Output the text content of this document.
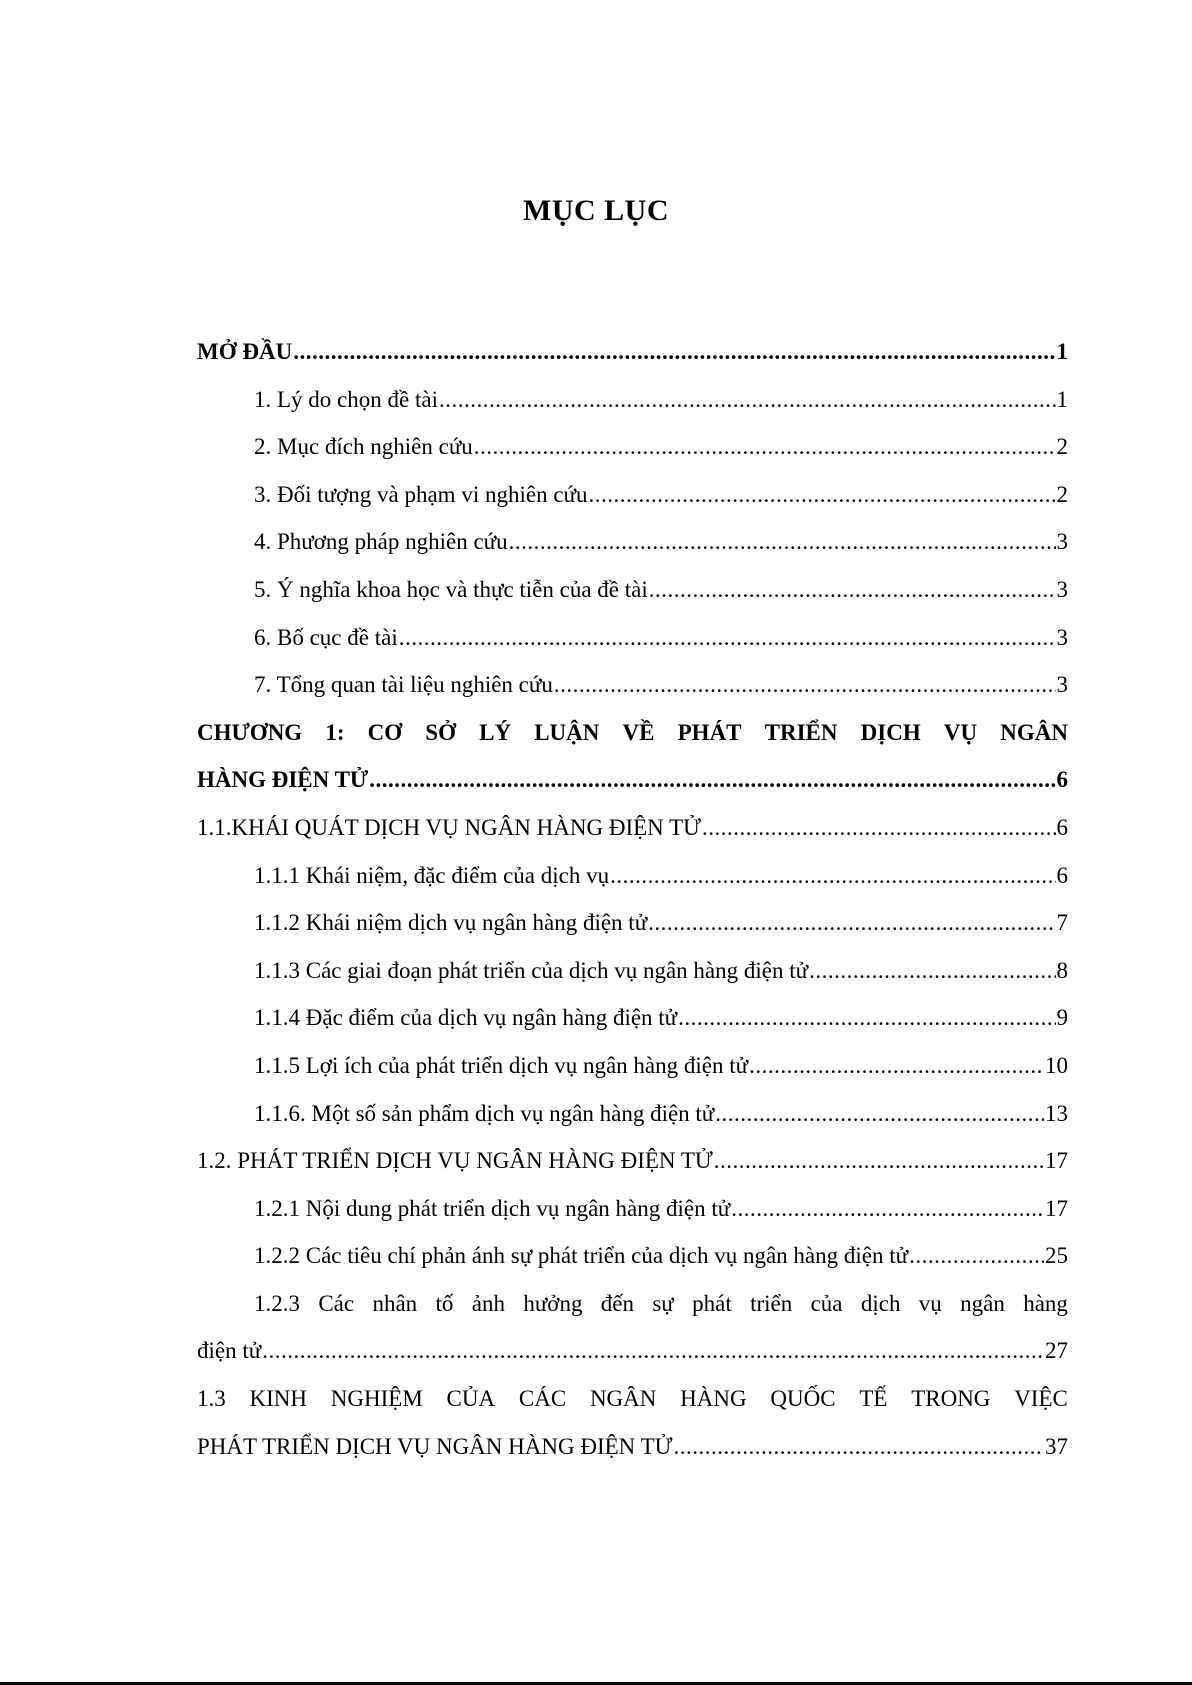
MỤC LỤC
MỞ ĐẦU .....	1
1. Lý do chọn đề tài .....	1
2. Mục đích nghiên cứu .....	2
3. Đối tượng và phạm vi nghiên cứu .....	2
4. Phương pháp nghiên cứu .....	3
5. Ý nghĩa khoa học và thực tiễn của đề tài .....	3
6. Bố cục đề tài .....	3
7. Tổng quan tài liệu nghiên cứu .....	3
CHƯƠNG 1: CƠ SỞ LÝ LUẬN VỀ PHÁT TRIỂN DỊCH VỤ NGÂN
HÀNG ĐIỆN TỬ .....	6
1.1.KHÁI QUÁT DỊCH VỤ NGÂN HÀNG ĐIỆN TỬ .....	6
1.1.1 Khái niệm, đặc điểm của dịch vụ .....	6
1.1.2 Khái niệm dịch vụ ngân hàng điện tử .....	7
1.1.3 Các giai đoạn phát triển của dịch vụ ngân hàng điện tử .....	8
1.1.4 Đặc điểm của dịch vụ ngân hàng điện tử .....	9
1.1.5 Lợi ích của phát triển dịch vụ ngân hàng điện tử .....	10
1.1.6. Một số sản phẩm dịch vụ ngân hàng điện tử .....	13
1.2. PHÁT TRIỂN DỊCH VỤ NGÂN HÀNG ĐIỆN TỬ .....	17
1.2.1 Nội dung phát triển dịch vụ ngân hàng điện tử .....	17
1.2.2 Các tiêu chí phản ánh sự phát triển của dịch vụ ngân hàng điện tử .....	25
1.2.3 Các nhân tố ảnh hưởng đến sự phát triển của dịch vụ ngân hàng
điện tử .....	27
1.3 KINH NGHIỆM CỦA CÁC NGÂN HÀNG QUỐC TẾ TRONG VIỆC
PHÁT TRIỂN DỊCH VỤ NGÂN HÀNG ĐIỆN TỬ .....	37
